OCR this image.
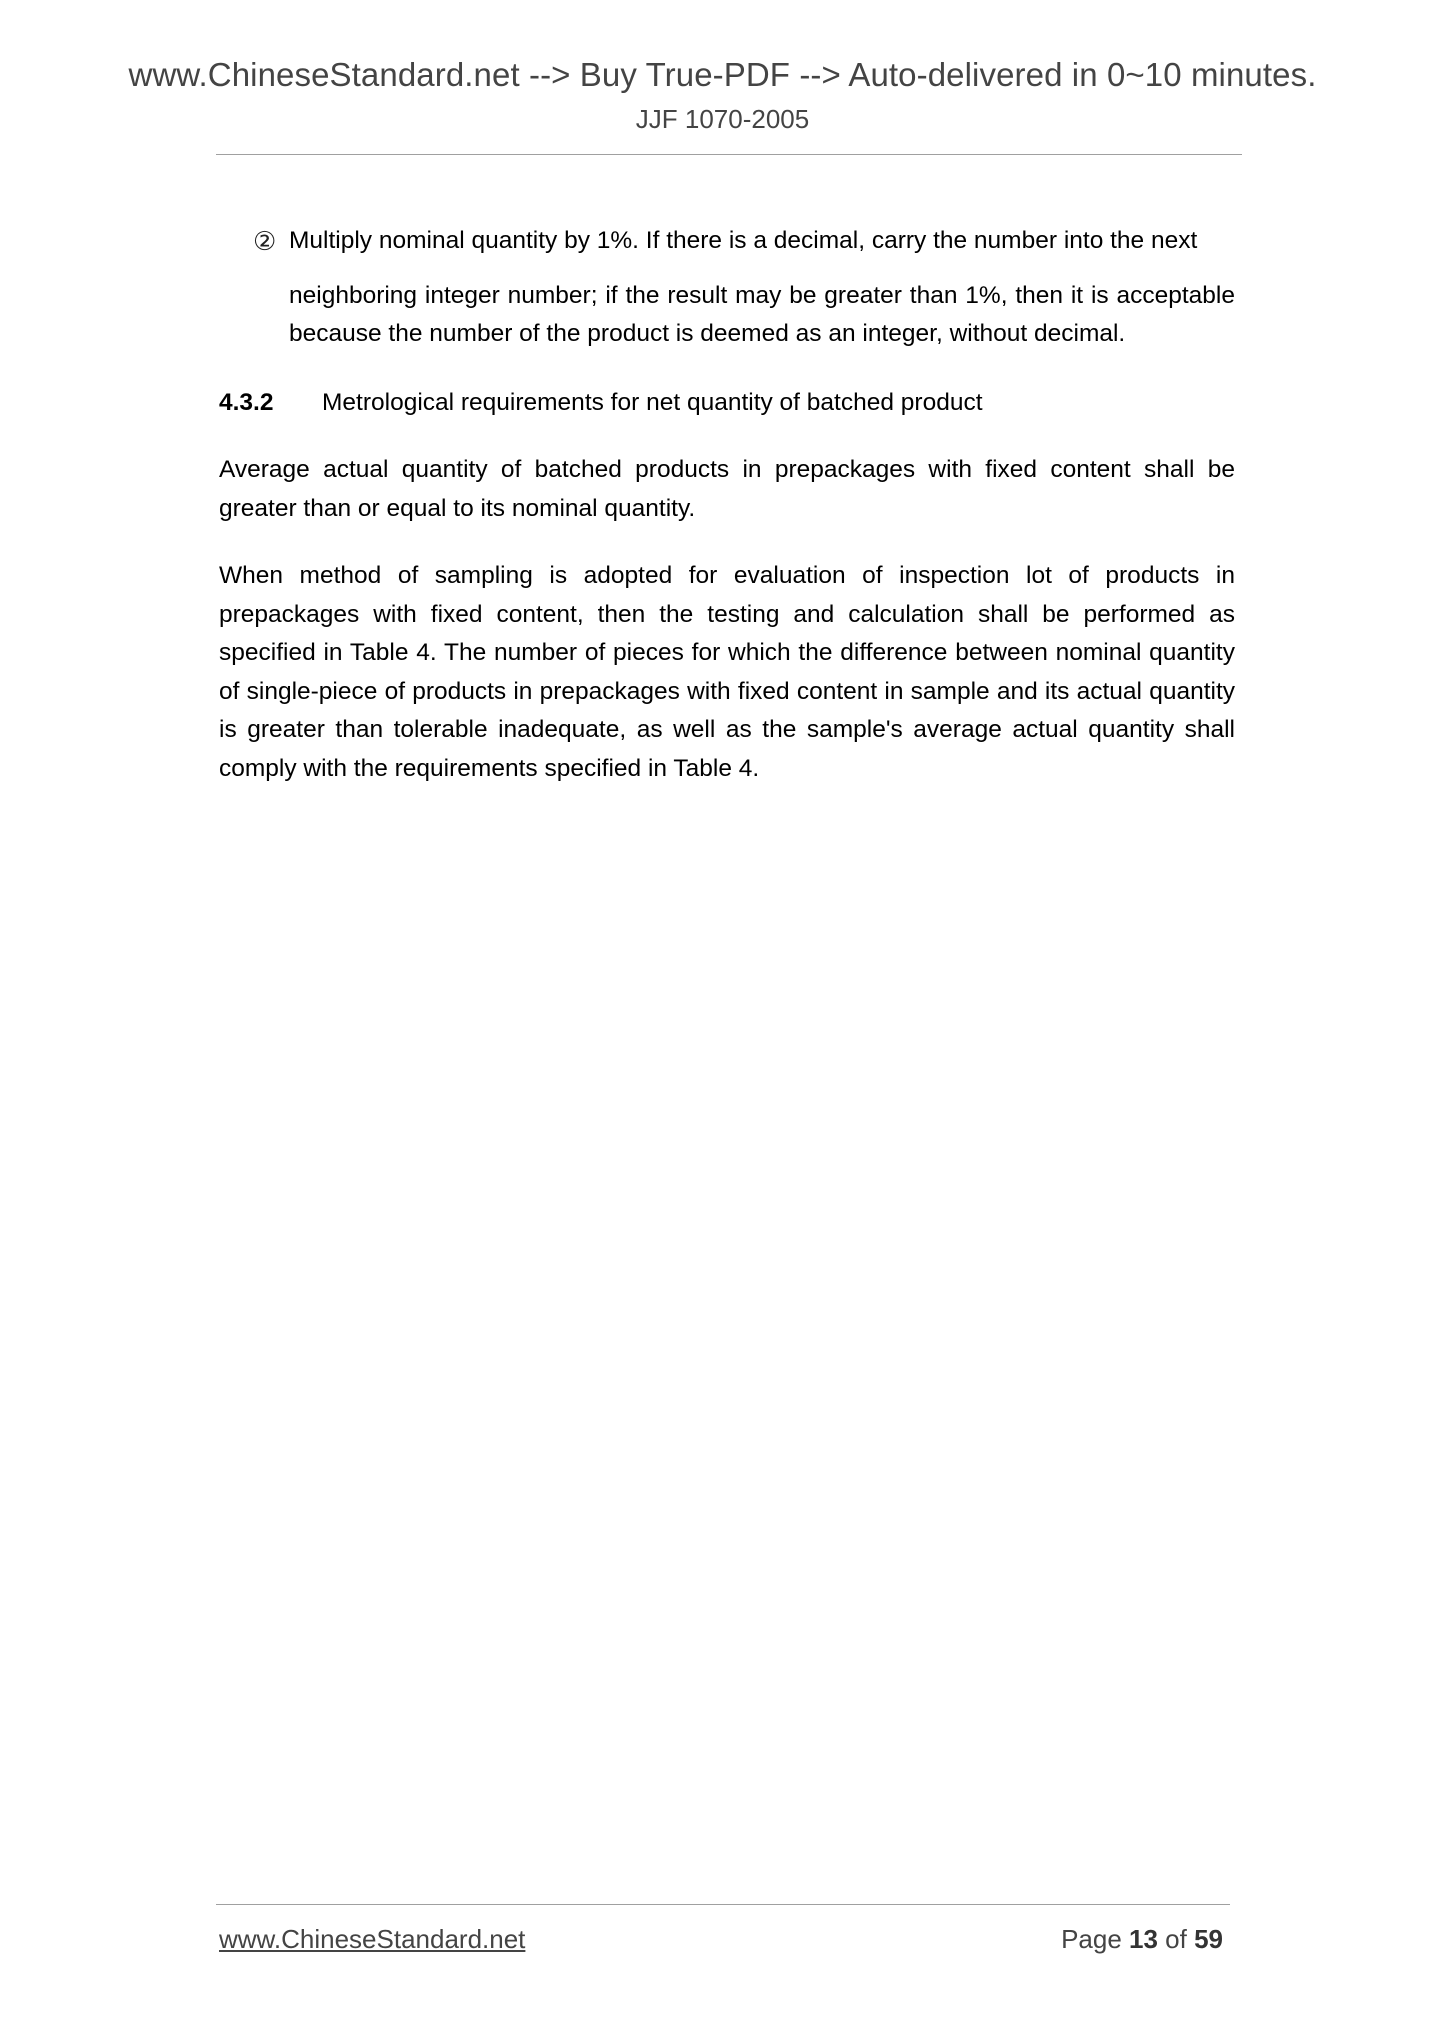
www.ChineseStandard.net --> Buy True-PDF --> Auto-delivered in 0~10 minutes.
JJF 1070-2005
② Multiply nominal quantity by 1%. If there is a decimal, carry the number into the next
neighboring integer number; if the result may be greater than 1%, then it is acceptable because the number of the product is deemed as an integer, without decimal.
4.3.2	Metrological requirements for net quantity of batched product

Average actual quantity of batched products in prepackages with fixed content shall be greater than or equal to its nominal quantity.

When method of sampling is adopted for evaluation of inspection lot of products in prepackages with fixed content, then the testing and calculation shall be performed as specified in Table 4. The number of pieces for which the difference between nominal quantity of single-piece of products in prepackages with fixed content in sample and its actual quantity is greater than tolerable inadequate, as well as the sample's average actual quantity shall comply with the requirements specified in Table 4.

www.ChineseStandard.net	Page 13 of 59
